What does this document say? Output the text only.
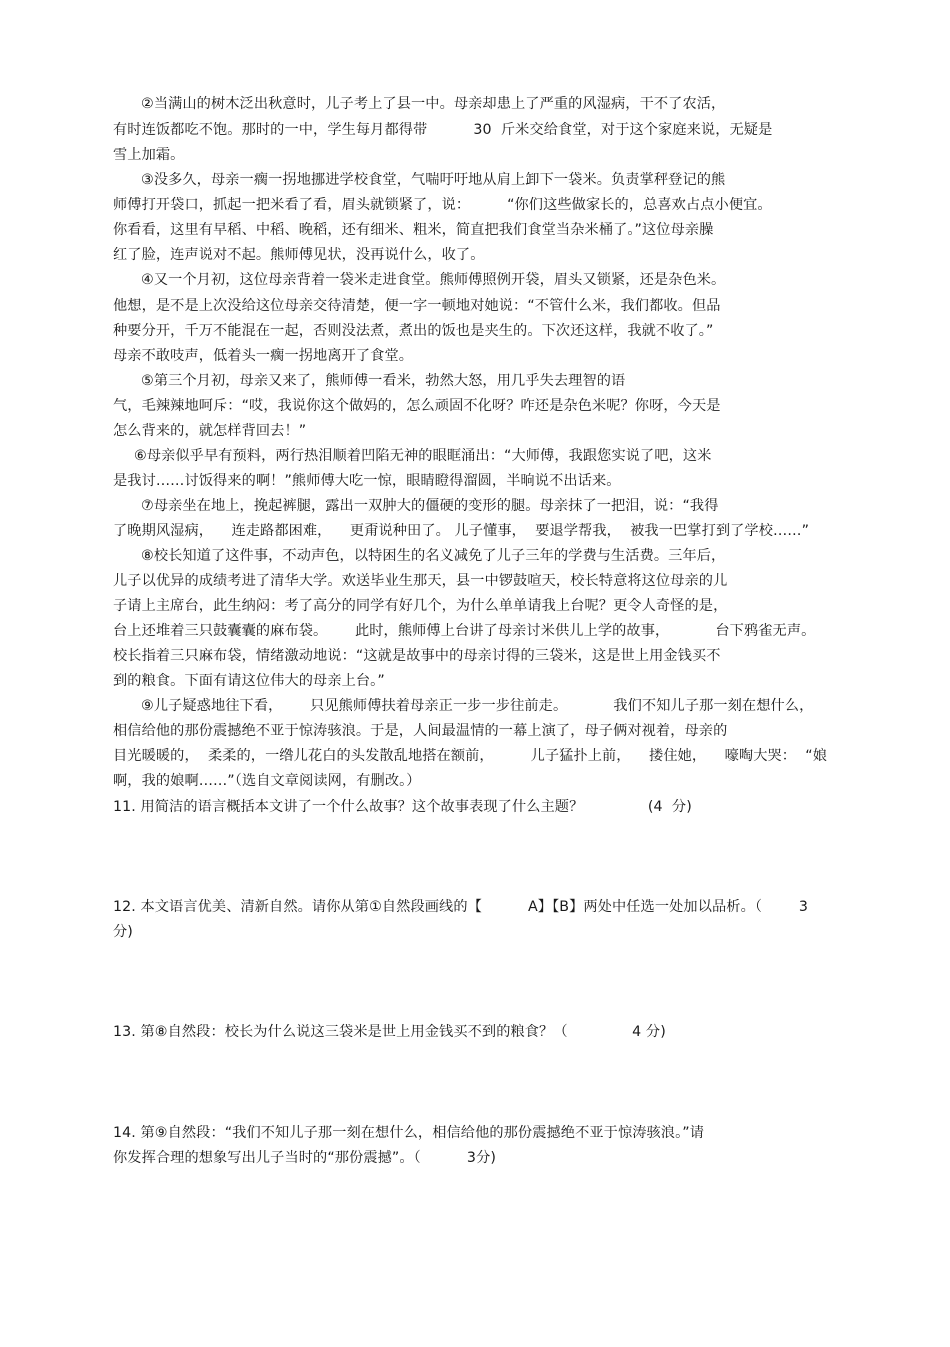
②当满山的树木泛出秋意时，儿子考上了县一中。母亲却患上了严重的风湿病，干不了农活，
有时连饭都吃不饱。那时的一中，学生每月都得带          30  斤米交给食堂，对于这个家庭来说，无疑是
雪上加霜。
③没多久，母亲一瘸一拐地挪进学校食堂，气喘吁吁地从肩上卸下一袋米。负责掌秤登记的熊
师傅打开袋口，抓起一把米看了看，眉头就锁紧了，说：        “你们这些做家长的，总喜欢占点小便宜。
你看看，这里有早稻、中稻、晚稻，还有细米、粗米，简直把我们食堂当杂米桶了。”这位母亲臊
红了脸，连声说对不起。熊师傅见状，没再说什么，收了。
④又一个月初，这位母亲背着一袋米走进食堂。熊师傅照例开袋，眉头又锁紧，还是杂色米。
他想，是不是上次没给这位母亲交待清楚，便一字一顿地对她说：“不管什么米，我们都收。但品
种要分开，千万不能混在一起，否则没法煮，煮出的饭也是夹生的。下次还这样，我就不收了。”
母亲不敢吱声，低着头一瘸一拐地离开了食堂。
⑤第三个月初，母亲又来了，熊师傅一看米，勃然大怒，用几乎失去理智的语
气，毛辣辣地呵斥：“哎，我说你这个做妈的，怎么顽固不化呀？咋还是杂色米呢？你呀，今天是
怎么背来的，就怎样背回去！”
⑥母亲似乎早有预料，两行热泪顺着凹陷无神的眼眶涌出：“大师傅，我跟您实说了吧，这米
是我讨……讨饭得来的啊！”熊师傅大吃一惊，眼睛瞪得溜圆，半晌说不出话来。
⑦母亲坐在地上，挽起裤腿，露出一双肿大的僵硬的变形的腿。母亲抹了一把泪，说：“我得
了晚期风湿病，    连走路都困难，    更甭说种田了。 儿子懂事，  要退学帮我，  被我一巴掌打到了学校……”
⑧校长知道了这件事，不动声色，以特困生的名义减免了儿子三年的学费与生活费。三年后，
儿子以优异的成绩考进了清华大学。欢送毕业生那天，县一中锣鼓喧天，校长特意将这位母亲的儿
子请上主席台，此生纳闷：考了高分的同学有好几个，为什么单单请我上台呢？更令人奇怪的是，
台上还堆着三只鼓囊囊的麻布袋。      此时，熊师傅上台讲了母亲讨米供儿上学的故事，          台下鸦雀无声。
校长指着三只麻布袋，情绪激动地说：“这就是故事中的母亲讨得的三袋米，这是世上用金钱买不
到的粮食。下面有请这位伟大的母亲上台。”
⑨儿子疑惑地往下看，      只见熊师傅扶着母亲正一步一步往前走。          我们不知儿子那一刻在想什么，
相信给他的那份震撼绝不亚于惊涛骇浪。于是，人间最温情的一幕上演了，母子俩对视着，母亲的
目光暖暖的，  柔柔的，一绺儿花白的头发散乱地搭在额前，        儿子猛扑上前，    搂住她，    嚎啕大哭：  “娘
啊，我的娘啊……”（选自文章阅读网，有删改。）
11. 用简洁的语言概括本文讲了一个什么故事？这个故事表现了什么主题？              (4  分)
12. 本文语言优美、清新自然。请你从第①自然段画线的【          A】【B】两处中任选一处加以品析。（        3
分)
13. 第⑧自然段：校长为什么说这三袋米是世上用金钱买不到的粮食？（              4 分)
14. 第⑨自然段：“我们不知儿子那一刻在想什么，相信给他的那份震撼绝不亚于惊涛骇浪。”请
你发挥合理的想象写出儿子当时的“那份震撼”。（          3分)
